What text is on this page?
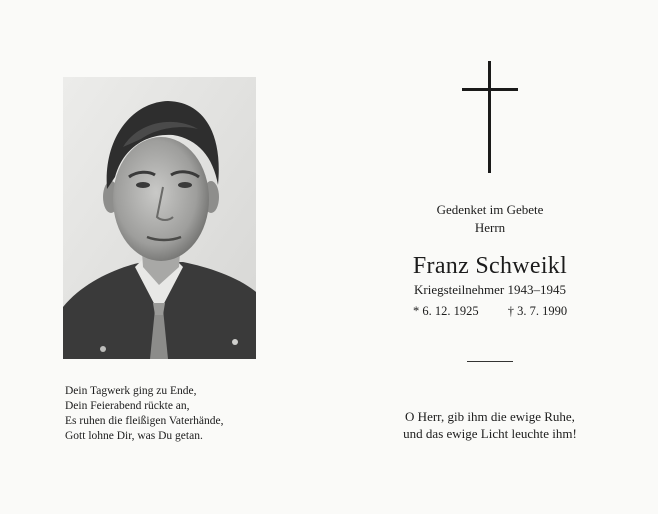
Dein Tagwerk ging zu Ende,
Dein Feierabend rückte an,
Es ruhen die fleißigen Vaterhände,
Gott lohne Dir, was Du getan.
Gedenket im Gebete
Herrn
Franz Schweikl
Kriegsteilnehmer 1943–1945
* 6. 12. 1925 † 3. 7. 1990
O Herr, gib ihm die ewige Ruhe,
und das ewige Licht leuchte ihm!
